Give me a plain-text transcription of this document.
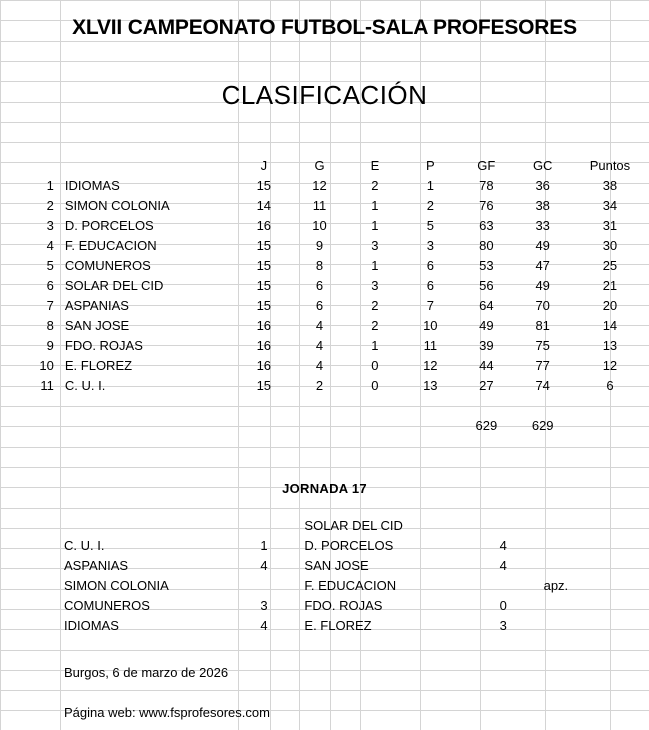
XLVII CAMPEONATO FUTBOL-SALA PROFESORES
CLASIFICACIÓN
		J	G	E	P	GF	GC	Puntos
1	IDIOMAS	15	12	2	1	78	36	38
2	SIMON COLONIA	14	11	1	2	76	38	34
3	D. PORCELOS	16	10	1	5	63	33	31
4	F. EDUCACION	15	9	3	3	80	49	30
5	COMUNEROS	15	8	1	6	53	47	25
6	SOLAR DEL CID	15	6	3	6	56	49	21
7	ASPANIAS	15	6	2	7	64	70	20
8	SAN JOSE	16	4	2	10	49	81	14
9	FDO. ROJAS	16	4	1	11	39	75	13
10	E. FLOREZ	16	4	0	12	44	77	12
11	C. U. I.	15	2	0	13	27	74	6

						629	629	
JORNADA 17
		SOLAR DEL CID		
C. U. I.	1	D. PORCELOS	4	
ASPANIAS	4	SAN JOSE	4	
SIMON COLONIA		F. EDUCACION		apz.
COMUNEROS	3	FDO. ROJAS	0	
IDIOMAS	4	E. FLOREZ	3	
Burgos, 6 de marzo de 2026
Página web: www.fsprofesores.com
